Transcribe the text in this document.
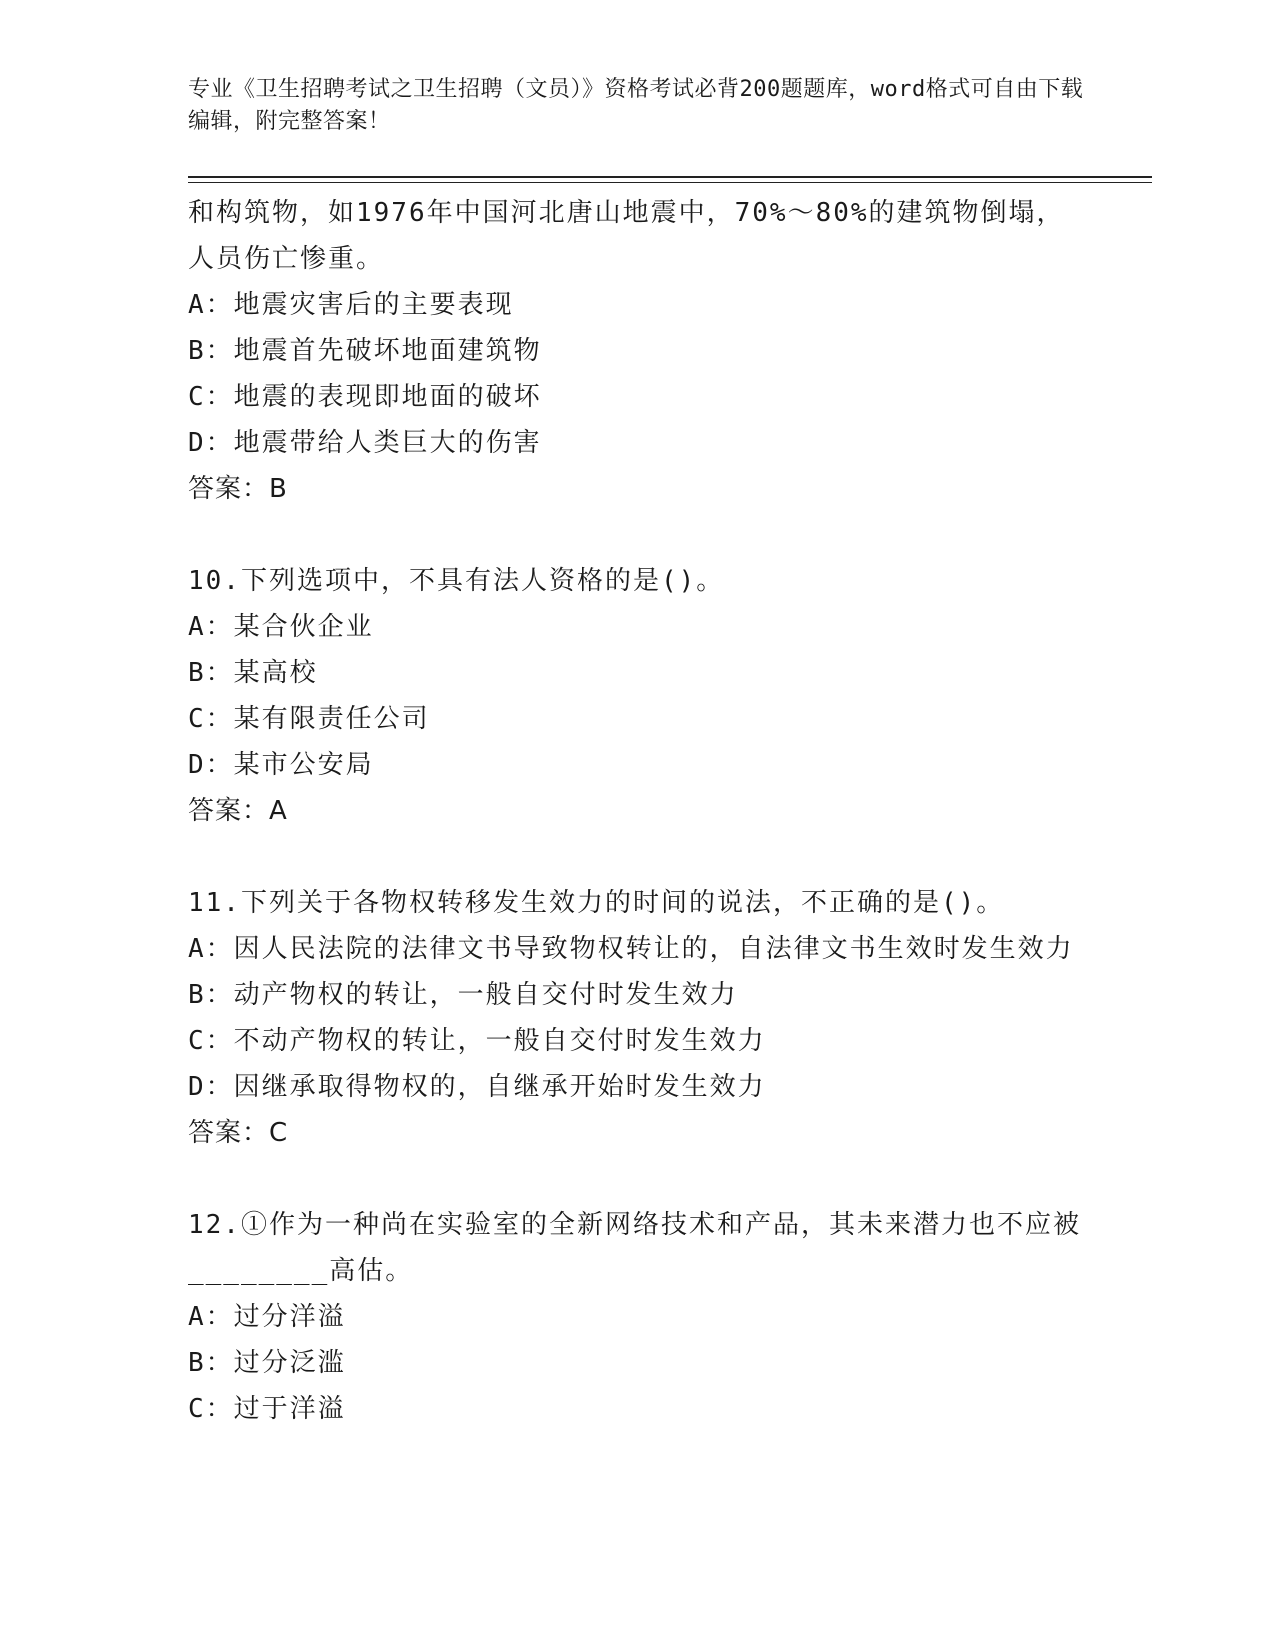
专业《卫生招聘考试之卫生招聘（文员）》资格考试必背200题题库，word格式可自由下载编辑，附完整答案！
和构筑物，如1976年中国河北唐山地震中，70%～80%的建筑物倒塌，人员伤亡惨重。
A：地震灾害后的主要表现
B：地震首先破坏地面建筑物
C：地震的表现即地面的破坏
D：地震带给人类巨大的伤害
答案：B
10.下列选项中，不具有法人资格的是()。
A：某合伙企业
B：某高校
C：某有限责任公司
D：某市公安局
答案：A
11.下列关于各物权转移发生效力的时间的说法，不正确的是()。
A：因人民法院的法律文书导致物权转让的，自法律文书生效时发生效力
B：动产物权的转让，一般自交付时发生效力
C：不动产物权的转让，一般自交付时发生效力
D：因继承取得物权的，自继承开始时发生效力
答案：C
12.①作为一种尚在实验室的全新网络技术和产品，其未来潜力也不应被________高估。
A：过分洋溢
B：过分泛滥
C：过于洋溢
